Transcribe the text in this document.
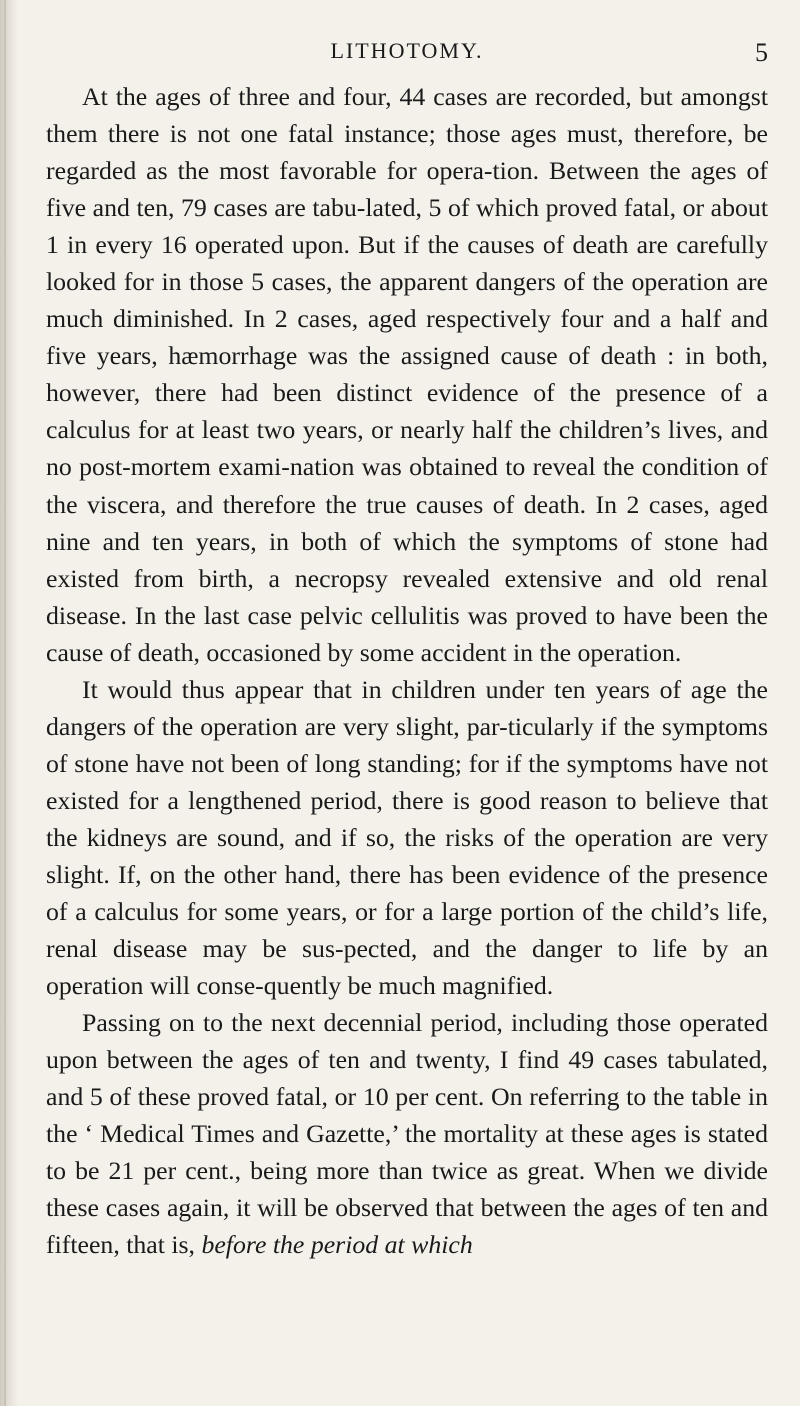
LITHOTOMY.	5

At the ages of three and four, 44 cases are recorded, but amongst them there is not one fatal instance; those ages must, therefore, be regarded as the most favorable for opera-tion. Between the ages of five and ten, 79 cases are tabu-lated, 5 of which proved fatal, or about 1 in every 16 operated upon. But if the causes of death are carefully looked for in those 5 cases, the apparent dangers of the operation are much diminished. In 2 cases, aged respectively four and a half and five years, hæmorrhage was the assigned cause of death : in both, however, there had been distinct evidence of the presence of a calculus for at least two years, or nearly half the children’s lives, and no post-mortem exami-nation was obtained to reveal the condition of the viscera, and therefore the true causes of death. In 2 cases, aged nine and ten years, in both of which the symptoms of stone had existed from birth, a necropsy revealed extensive and old renal disease. In the last case pelvic cellulitis was proved to have been the cause of death, occasioned by some accident in the operation.

It would thus appear that in children under ten years of age the dangers of the operation are very slight, par-ticularly if the symptoms of stone have not been of long standing; for if the symptoms have not existed for a lengthened period, there is good reason to believe that the kidneys are sound, and if so, the risks of the operation are very slight. If, on the other hand, there has been evidence of the presence of a calculus for some years, or for a large portion of the child’s life, renal disease may be sus-pected, and the danger to life by an operation will conse-quently be much magnified.

Passing on to the next decennial period, including those operated upon between the ages of ten and twenty, I find 49 cases tabulated, and 5 of these proved fatal, or 10 per cent. On referring to the table in the ‘ Medical Times and Gazette,’ the mortality at these ages is stated to be 21 per cent., being more than twice as great. When we divide these cases again, it will be observed that between the ages of ten and fifteen, that is, before the period at which
